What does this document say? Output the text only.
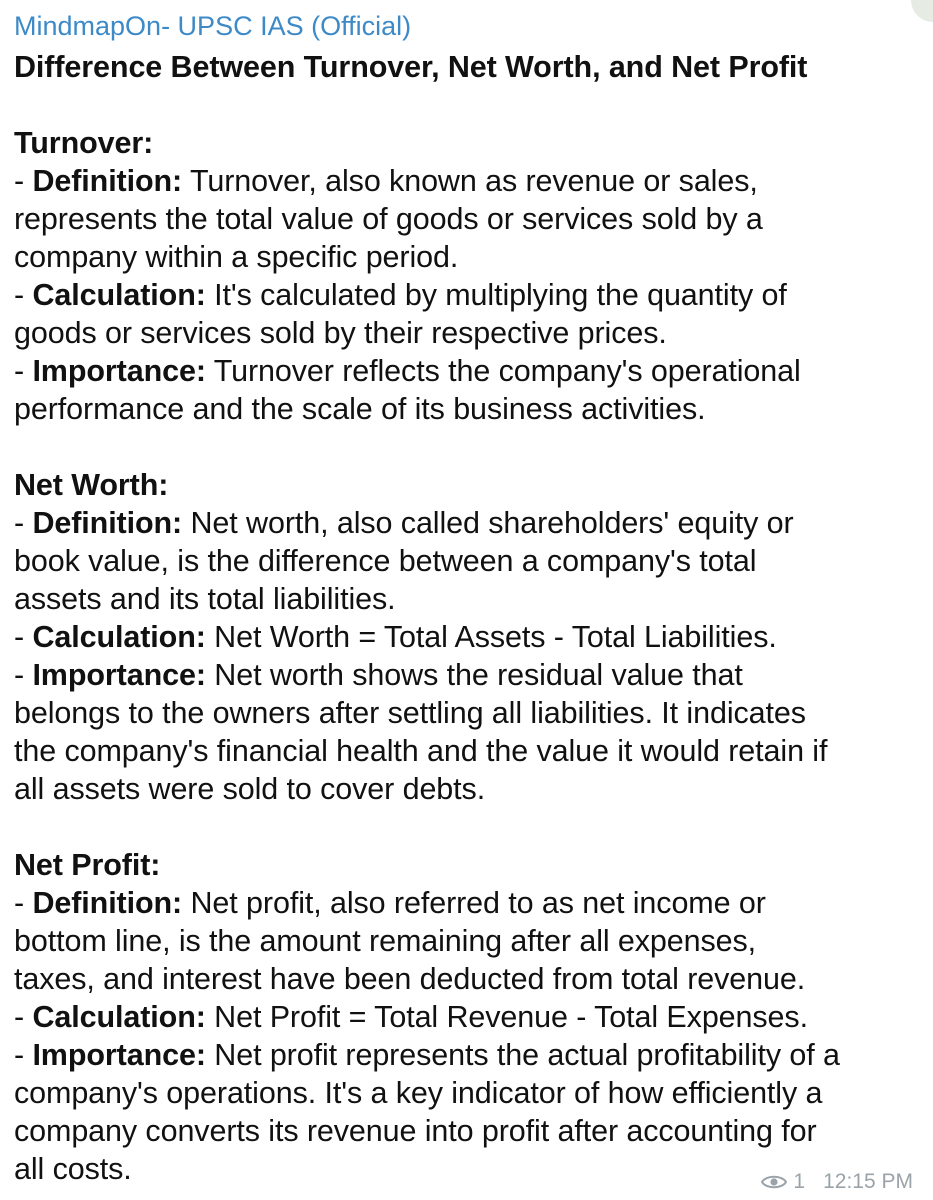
MindmapOn- UPSC IAS (Official)
Difference Between Turnover, Net Worth, and Net Profit
Turnover:
- Definition: Turnover, also known as revenue or sales,
represents the total value of goods or services sold by a
company within a specific period.
- Calculation: It's calculated by multiplying the quantity of
goods or services sold by their respective prices.
- Importance: Turnover reflects the company's operational
performance and the scale of its business activities.
Net Worth:
- Definition: Net worth, also called shareholders' equity or
book value, is the difference between a company's total
assets and its total liabilities.
- Calculation: Net Worth = Total Assets - Total Liabilities.
- Importance: Net worth shows the residual value that
belongs to the owners after settling all liabilities. It indicates
the company's financial health and the value it would retain if
all assets were sold to cover debts.
Net Profit:
- Definition: Net profit, also referred to as net income or
bottom line, is the amount remaining after all expenses,
taxes, and interest have been deducted from total revenue.
- Calculation: Net Profit = Total Revenue - Total Expenses.
- Importance: Net profit represents the actual profitability of a
company's operations. It's a key indicator of how efficiently a
company converts its revenue into profit after accounting for
all costs.	1 12:15 PM
